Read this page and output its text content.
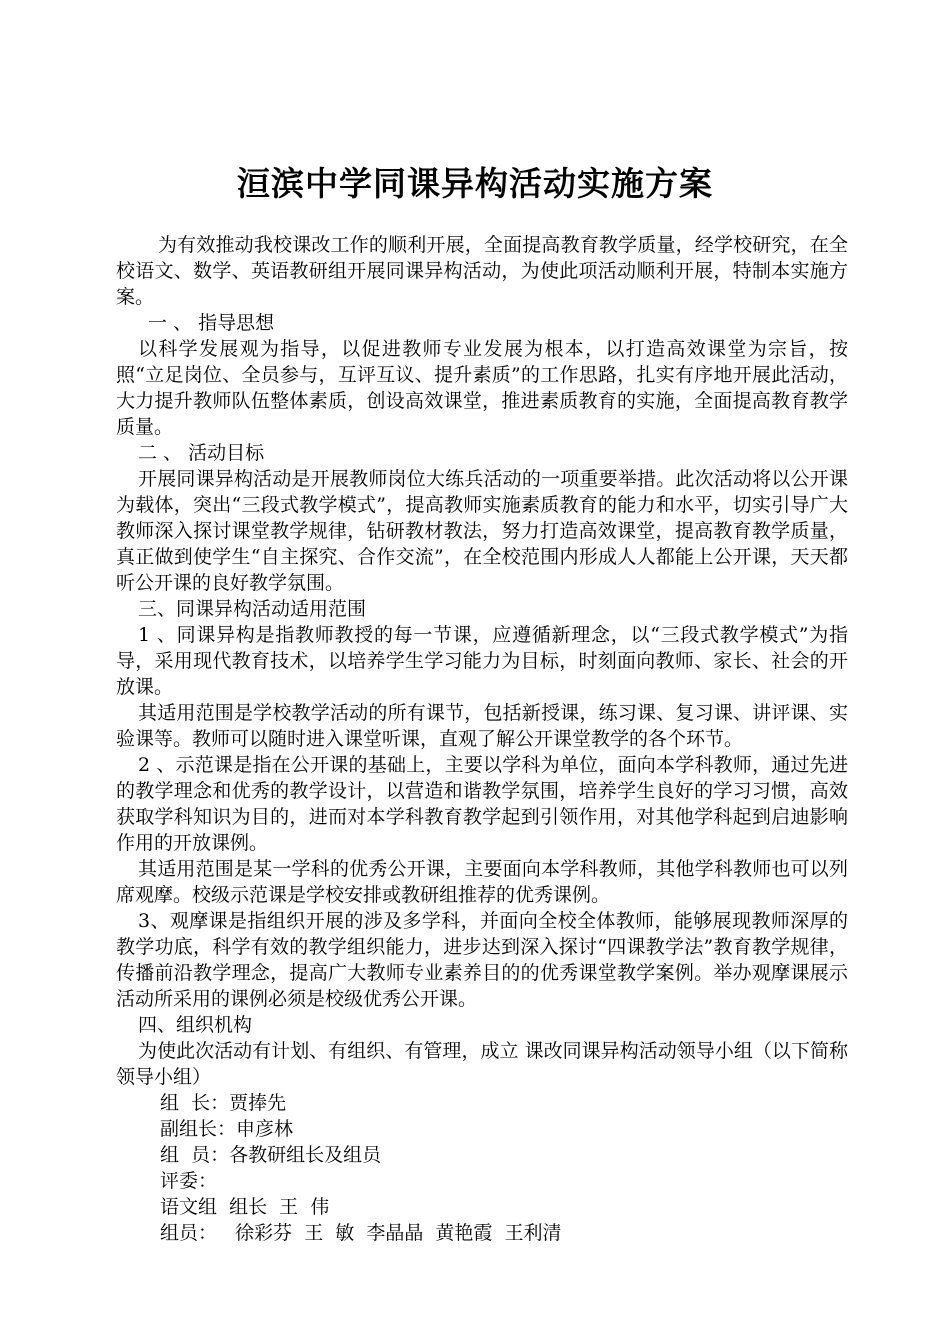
洹滨中学同课异构活动实施方案

为有效推动我校课改工作的顺利开展，全面提高教育教学质量，经学校研究，在全校语文、数学、英语教研组开展同课异构活动，为使此项活动顺利开展，特制本实施方案。

一 、 指导思想

以科学发展观为指导，以促进教师专业发展为根本，以打造高效课堂为宗旨，按照“立足岗位、全员参与，互评互议、提升素质”的工作思路，扎实有序地开展此活动，大力提升教师队伍整体素质，创设高效课堂，推进素质教育的实施，全面提高教育教学质量。

二 、 活动目标

开展同课异构活动是开展教师岗位大练兵活动的一项重要举措。此次活动将以公开课为载体，突出“三段式教学模式”，提高教师实施素质教育的能力和水平，切实引导广大教师深入探讨课堂教学规律，钻研教材教法，努力打造高效课堂，提高教育教学质量，真正做到使学生“自主探究、合作交流”，在全校范围内形成人人都能上公开课，天天都听公开课的良好教学氛围。

三、同课异构活动适用范围

1 、同课异构是指教师教授的每一节课，应遵循新理念，以“三段式教学模式”为指导，采用现代教育技术，以培养学生学习能力为目标，时刻面向教师、家长、社会的开放课。

其适用范围是学校教学活动的所有课节，包括新授课，练习课、复习课、讲评课、实验课等。教师可以随时进入课堂听课，直观了解公开课堂教学的各个环节。

2 、示范课是指在公开课的基础上，主要以学科为单位，面向本学科教师，通过先进的教学理念和优秀的教学设计，以营造和谐教学氛围，培养学生良好的学习习惯，高效获取学科知识为目的，进而对本学科教育教学起到引领作用，对其他学科起到启迪影响作用的开放课例。

其适用范围是某一学科的优秀公开课，主要面向本学科教师，其他学科教师也可以列席观摩。校级示范课是学校安排或教研组推荐的优秀课例。

3、观摩课是指组织开展的涉及多学科，并面向全校全体教师，能够展现教师深厚的教学功底，科学有效的教学组织能力，进步达到深入探讨“四课教学法”教育教学规律，传播前沿教学理念，提高广大教师专业素养目的的优秀课堂教学案例。举办观摩课展示活动所采用的课例必须是校级优秀公开课。

四、组织机构

为使此次活动有计划、有组织、有管理，成立 课改同课异构活动领导小组（以下简称领导小组）

组  长：贾捧先

副组长：申彦林

组  员：各教研组长及组员

评委：

语文组  组长  王  伟

组员：   徐彩芬  王  敏  李晶晶  黄艳霞  王利清
